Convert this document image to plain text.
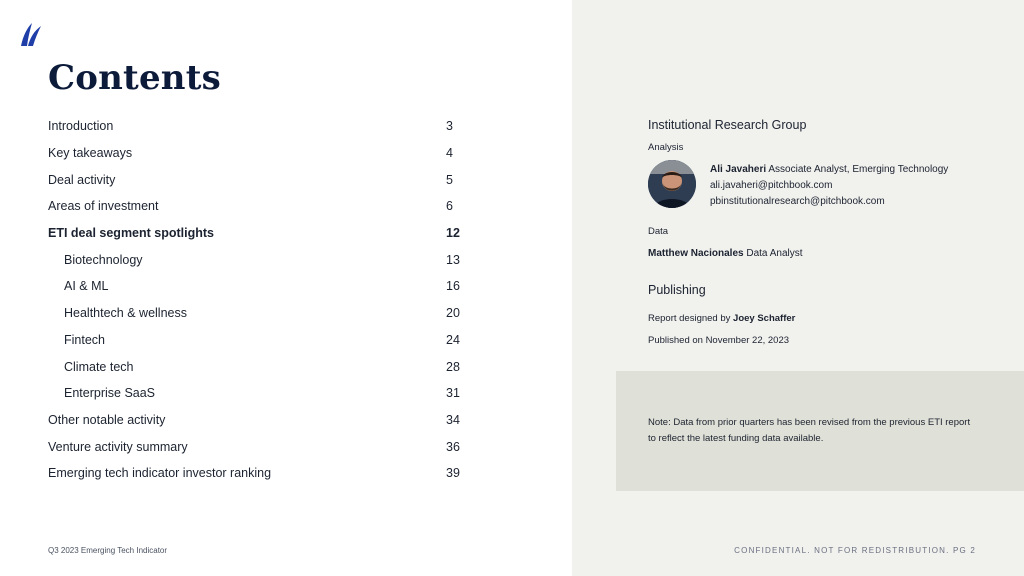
Contents
Introduction	3
Key takeaways	4
Deal activity	5
Areas of investment	6
ETI deal segment spotlights	12
Biotechnology	13
AI & ML	16
Healthtech & wellness	20
Fintech	24
Climate tech	28
Enterprise SaaS	31
Other notable activity	34
Venture activity summary	36
Emerging tech indicator investor ranking	39
Q3 2023 Emerging Tech Indicator
Institutional Research Group
Analysis
Ali Javaheri Associate Analyst, Emerging Technology
ali.javaheri@pitchbook.com
pbinstitutionalresearch@pitchbook.com
Data
Matthew Nacionales Data Analyst
Publishing
Report designed by Joey Schaffer
Published on November 22, 2023
Note: Data from prior quarters has been revised from the previous ETI report to reflect the latest funding data available.
CONFIDENTIAL. NOT FOR REDISTRIBUTION. PG 2
